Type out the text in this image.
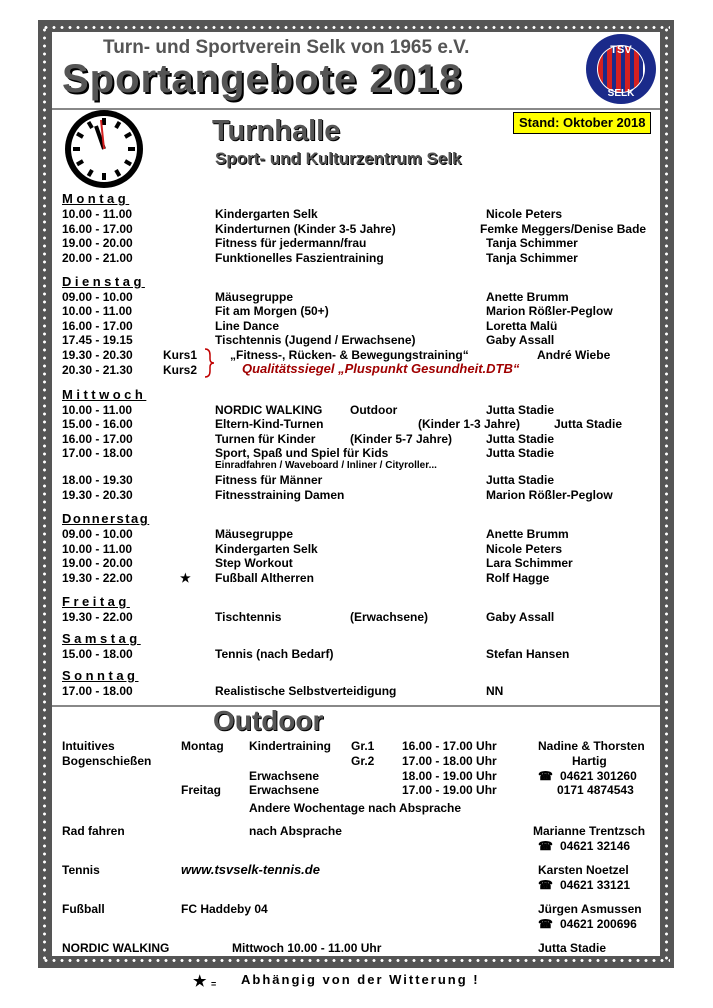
Turn- und Sportverein Selk von 1965 e.V.
Sportangebote 2018
TSV
SELK
Turnhalle
Sport- und Kulturzentrum Selk
Stand: Oktober 2018
Montag
10.00 - 11.00	Kindergarten Selk	Nicole Peters
16.00 - 17.00	Kinderturnen (Kinder 3-5 Jahre)	Femke Meggers/Denise Bade
19.00 - 20.00	Fitness für jedermann/frau	Tanja Schimmer
20.00 - 21.00	Funktionelles Faszientraining	Tanja Schimmer
Dienstag
09.00 - 10.00	Mäusegruppe	Anette Brumm
10.00 - 11.00	Fit am Morgen (50+)	Marion Rößler-Peglow
16.00 - 17.00	Line Dance	Loretta Malü
17.45 - 19.15	Tischtennis (Jugend / Erwachsene)	Gaby Assall
19.30 - 20.30	Kurs1	„Fitness-, Rücken- & Bewegungstraining“	André Wiebe
20.30 - 21.30	Kurs2	Qualitätssiegel „Pluspunkt Gesundheit.DTB“
Mittwoch
10.00 - 11.00	NORDIC WALKING Outdoor	Jutta Stadie
15.00 - 16.00	Eltern-Kind-Turnen	(Kinder 1-3 Jahre)	Jutta Stadie
16.00 - 17.00	Turnen für Kinder	(Kinder 5-7 Jahre)	Jutta Stadie
17.00 - 18.00	Sport, Spaß und Spiel für Kids	Jutta Stadie
Einradfahren / Waveboard / Inliner / Cityroller...
18.00 - 19.30	Fitness für Männer	Jutta Stadie
19.30 - 20.30	Fitnesstraining Damen	Marion Rößler-Peglow
Donnerstag
09.00 - 10.00	Mäusegruppe	Anette Brumm
10.00 - 11.00	Kindergarten Selk	Nicole Peters
19.00 - 20.00	Step Workout	Lara Schimmer
19.30 - 22.00	★ Fußball Altherren	Rolf Hagge
Freitag
19.30 - 22.00	Tischtennis	(Erwachsene)	Gaby Assall
Samstag
15.00 - 18.00	Tennis (nach Bedarf)	Stefan Hansen
Sonntag
17.00 - 18.00	Realistische Selbstverteidigung	NN
Outdoor
Intuitives
Bogenschießen
Montag Kindertraining Gr.1 16.00 - 17.00 Uhr	Nadine & Thorsten
Gr.2 17.00 - 18.00 Uhr	Hartig
Erwachsene	18.00 - 19.00 Uhr	☎ 04621 301260
Freitag Erwachsene	17.00 - 19.00 Uhr	0171 4874543
Andere Wochentage nach Absprache
Rad fahren	nach Absprache	Marianne Trentzsch
☎ 04621 32146
Tennis	www.tsvselk-tennis.de	Karsten Noetzel
☎ 04621 33121
Fußball	FC Haddeby 04	Jürgen Asmussen
☎ 04621 200696
NORDIC WALKING	Mittwoch 10.00 - 11.00 Uhr	Jutta Stadie
★ = Abhängig von der Witterung !
